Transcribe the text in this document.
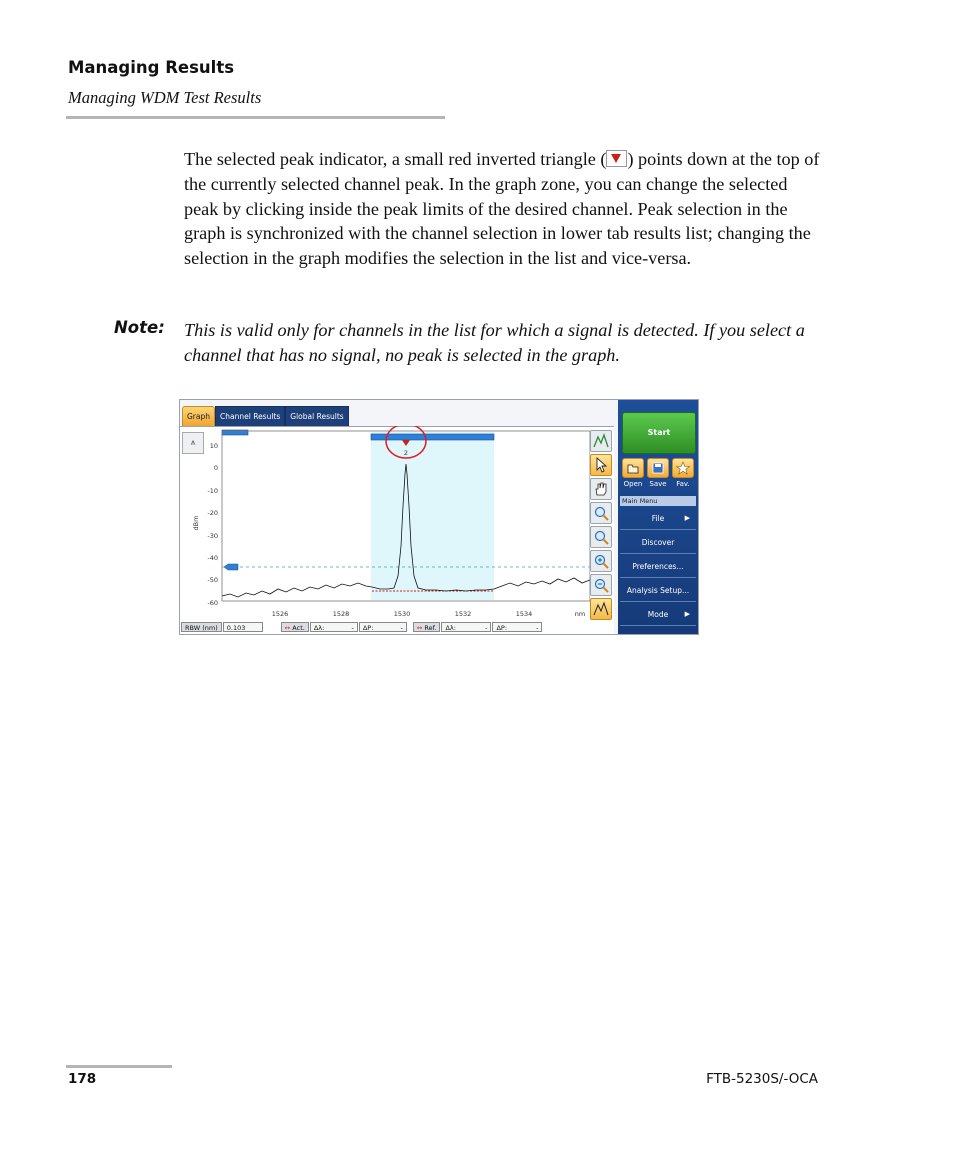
Managing Results
Managing WDM Test Results
The selected peak indicator, a small red inverted triangle ( ) points down at the top of the currently selected channel peak. In the graph zone, you can change the selected peak by clicking inside the peak limits of the desired channel. Peak selection in the graph is synchronized with the channel selection in lower tab results list; changing the selection in the graph modifies the selection in the list and vice-versa.
Note: This is valid only for channels in the list for which a signal is detected. If you select a channel that has no signal, no peak is selected in the graph.
Graph	Channel Results	Global Results
⩚	10
0
-10
-20
-30
-40
-50
-60
dBm
1526	1528	1530	1532	1534	nm
2
RBW (nm)	0.103	↔ Act.	Δλ:	-	ΔP:	-	↔ Ref.	Δλ:	-	ΔP:	-
Start
Open	Save	Fav.
Main Menu
File	▶
Discover
Preferences...
Analysis Setup...
Mode ▶
178	FTB-5230S/-OCA
